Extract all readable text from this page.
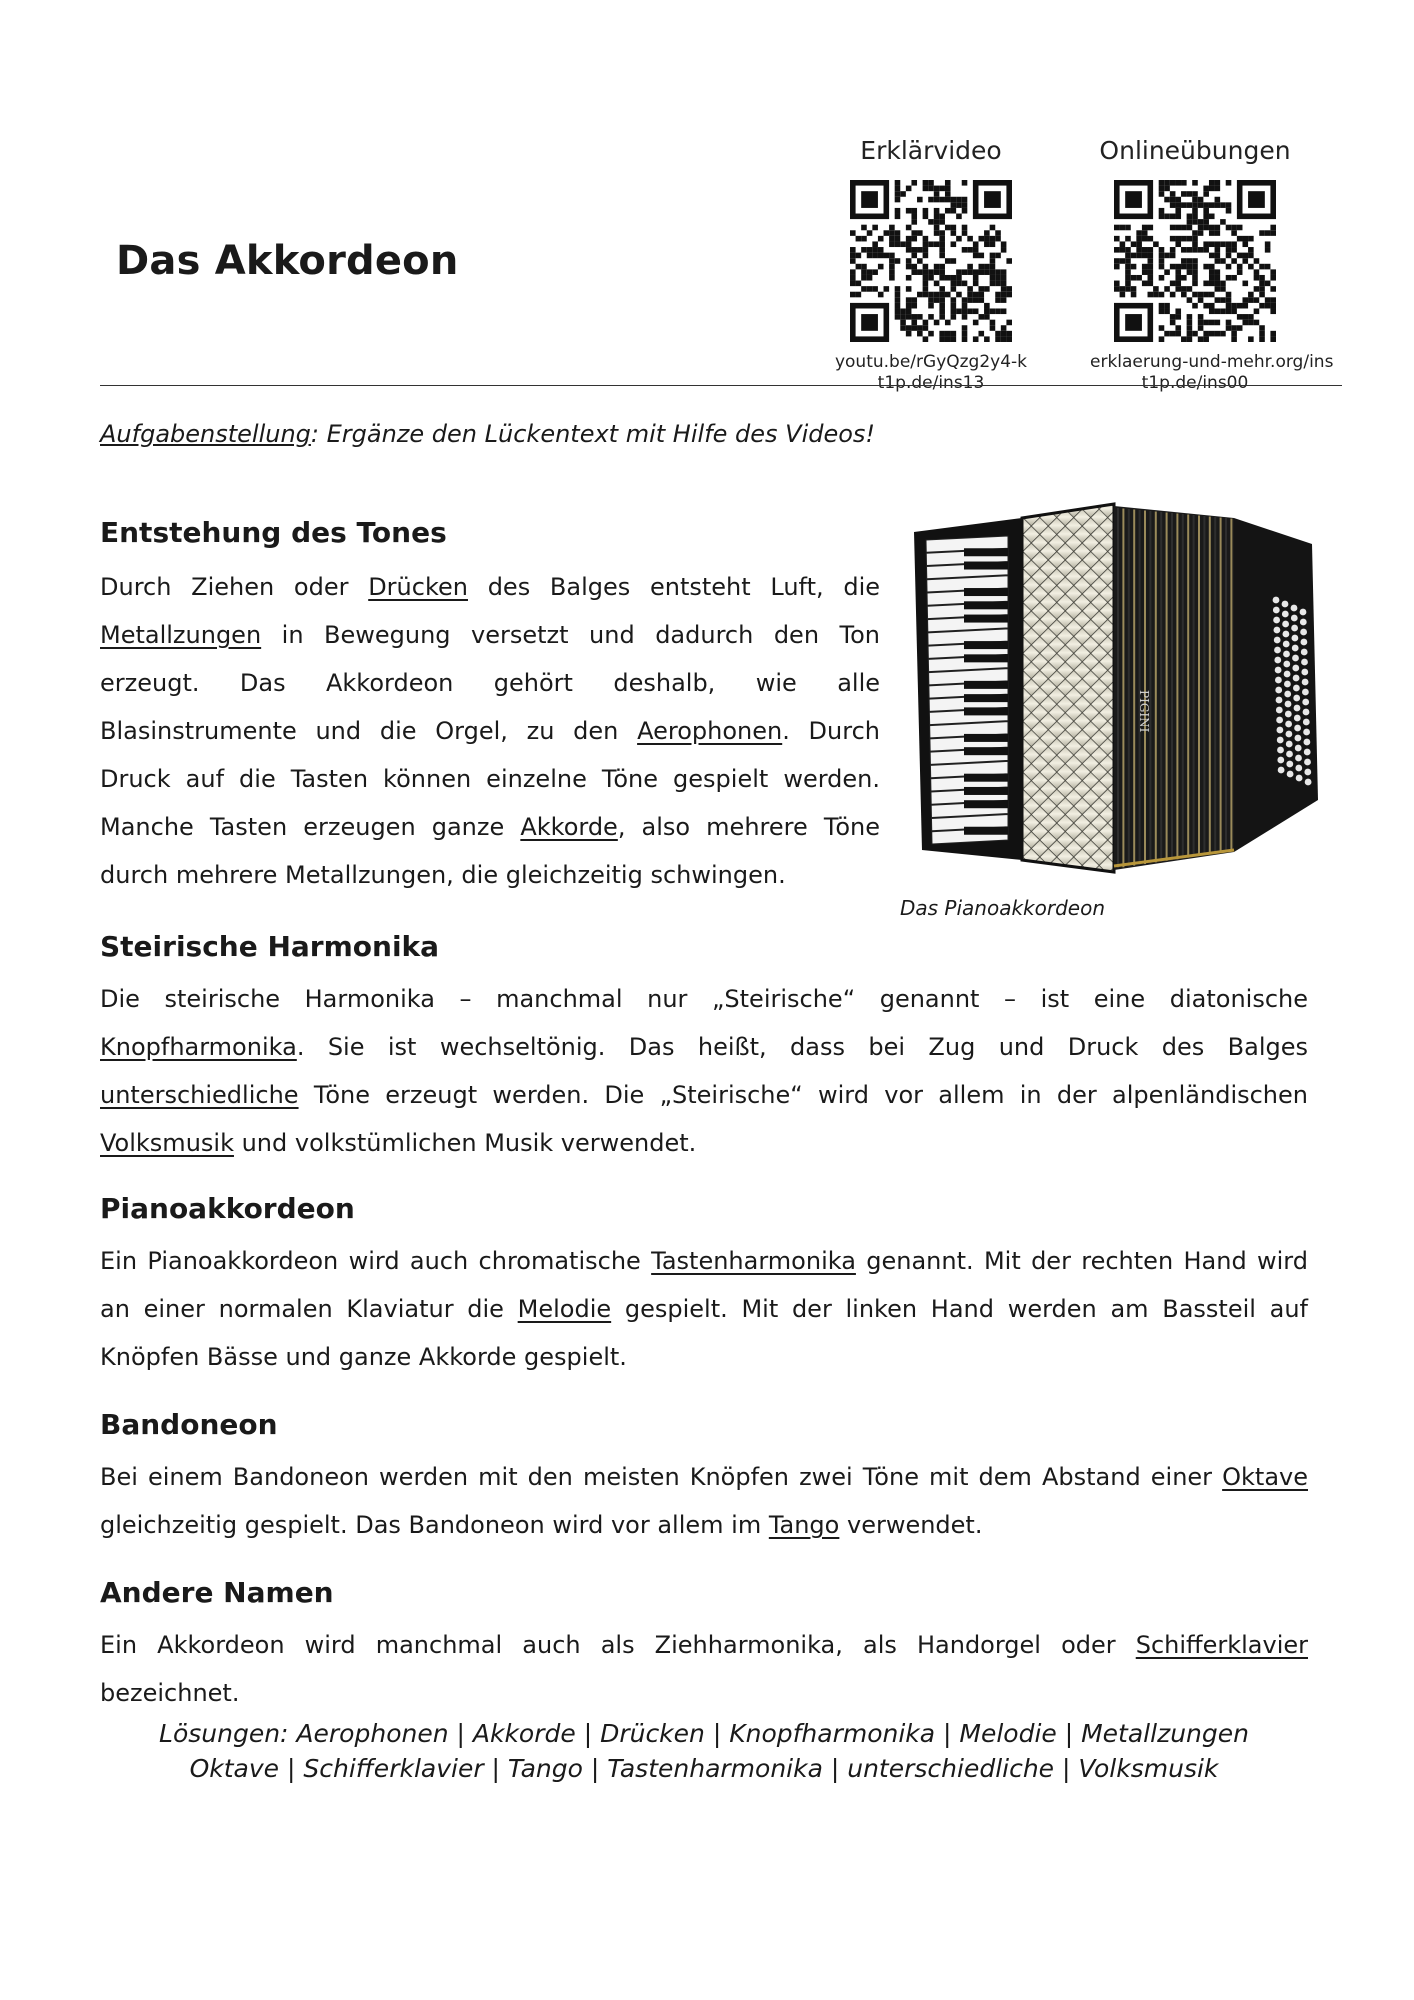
Das Akkordeon
Erklärvideo
youtu.be/rGyQzg2y4-k
t1p.de/ins13
Onlineübungen
erklaerung-und-mehr.org/ins
t1p.de/ins00
Aufgabenstellung: Ergänze den Lückentext mit Hilfe des Videos!
Entstehung des Tones

Durch Ziehen oder Drücken des Balges entsteht Luft, die Metallzungen in Bewegung versetzt und dadurch den Ton erzeugt. Das Akkordeon gehört deshalb, wie alle Blasinstrumente und die Orgel, zu den Aerophonen. Durch Druck auf die Tasten können einzelne Töne gespielt werden. Manche Tasten erzeugen ganze Akkorde, also mehrere Töne durch mehrere Metallzungen, die gleichzeitig schwingen.

PIGINI
Das Pianoakkordeon
Steirische Harmonika

Die steirische Harmonika – manchmal nur „Steirische“ genannt – ist eine diatonische Knopfharmonika. Sie ist wechseltönig. Das heißt, dass bei Zug und Druck des Balges unterschiedliche Töne erzeugt werden. Die „Steirische“ wird vor allem in der alpenländischen Volksmusik und volkstümlichen Musik verwendet.

Pianoakkordeon

Ein Pianoakkordeon wird auch chromatische Tastenharmonika genannt. Mit der rechten Hand wird an einer normalen Klaviatur die Melodie gespielt. Mit der linken Hand werden am Bassteil auf Knöpfen Bässe und ganze Akkorde gespielt.

Bandoneon

Bei einem Bandoneon werden mit den meisten Knöpfen zwei Töne mit dem Abstand einer Oktave gleichzeitig gespielt. Das Bandoneon wird vor allem im Tango verwendet.

Andere Namen

Ein Akkordeon wird manchmal auch als Ziehharmonika, als Handorgel oder Schifferklavier bezeichnet.

Lösungen: Aerophonen | Akkorde | Drücken | Knopfharmonika | Melodie | Metallzungen
Oktave | Schifferklavier | Tango | Tastenharmonika | unterschiedliche | Volksmusik
